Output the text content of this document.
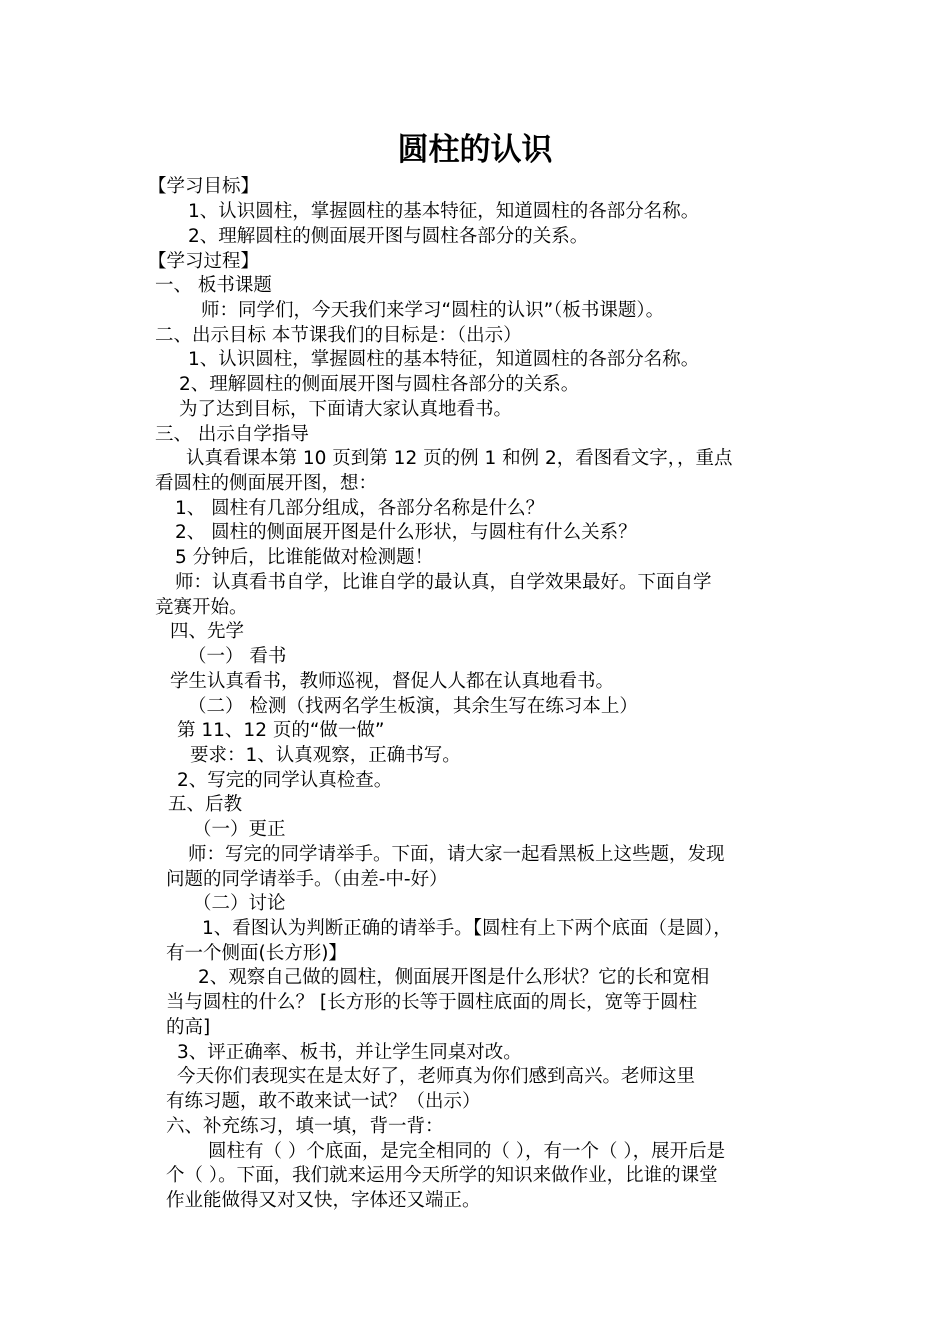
圆柱的认识
【学习目标】
1、认识圆柱，掌握圆柱的基本特征，知道圆柱的各部分名称。
2、理解圆柱的侧面展开图与圆柱各部分的关系。
【学习过程】
一、 板书课题
师：同学们，今天我们来学习“圆柱的认识”（板书课题）。
二、出示目标 本节课我们的目标是：（出示）
1、认识圆柱，掌握圆柱的基本特征，知道圆柱的各部分名称。
2、理解圆柱的侧面展开图与圆柱各部分的关系。
为了达到目标，下面请大家认真地看书。
三、 出示自学指导
认真看课本第 10 页到第 12 页的例 1 和例 2，看图看文字，，重点
看圆柱的侧面展开图，想：
1、 圆柱有几部分组成，各部分名称是什么？
2、 圆柱的侧面展开图是什么形状，与圆柱有什么关系？
5 分钟后，比谁能做对检测题！
师：认真看书自学，比谁自学的最认真，自学效果最好。下面自学
竞赛开始。
四、先学
（一） 看书
学生认真看书，教师巡视，督促人人都在认真地看书。
（二） 检测（找两名学生板演，其余生写在练习本上）
第 11、12 页的“做一做”
要求：1、认真观察，正确书写。
2、写完的同学认真检查。
五、后教
（一）更正
师：写完的同学请举手。下面，请大家一起看黑板上这些题，发现
问题的同学请举手。（由差-中-好）
（二）讨论
1、看图认为判断正确的请举手。【圆柱有上下两个底面（是圆），
有一个侧面(长方形)】
2、观察自己做的圆柱，侧面展开图是什么形状？它的长和宽相
当与圆柱的什么？ [长方形的长等于圆柱底面的周长，宽等于圆柱
的高]
3、评正确率、板书，并让学生同桌对改。
今天你们表现实在是太好了，老师真为你们感到高兴。老师这里
有练习题，敢不敢来试一试？（出示）
六、补充练习，填一填，背一背：
圆柱有（ ）个底面，是完全相同的（ ），有一个（ ），展开后是
个（ ）。下面，我们就来运用今天所学的知识来做作业，比谁的课堂
作业能做得又对又快，字体还又端正。
